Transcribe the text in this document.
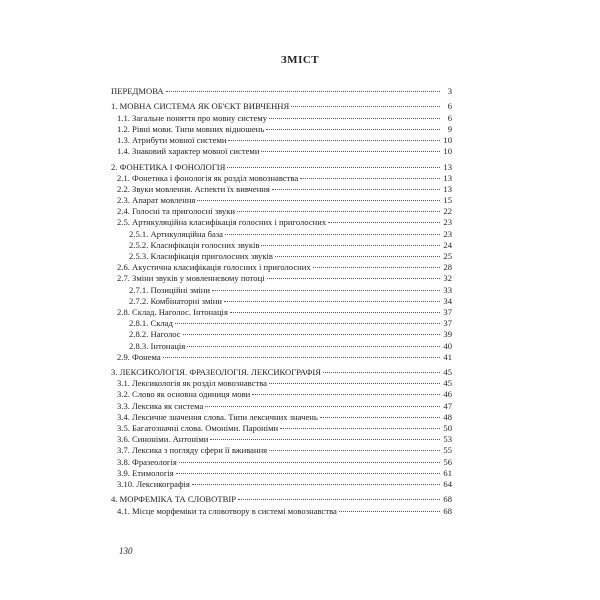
ЗМІСТ
ПЕРЕДМОВА	3
1. МОВНА СИСТЕМА ЯК ОБ'ЄКТ ВИВЧЕННЯ	6
1.1. Загальне поняття про мовну систему	6
1.2. Рівні мови. Типи мовних відношень	9
1.3. Атрибути мовної системи	10
1.4. Знаковий характер мовної системи	10
2. ФОНЕТИКА І ФОНОЛОГІЯ	13
2.1. Фонетика і фонологія як розділ мовознавства	13
2.2. Звуки мовлення. Аспекти їх вивчення	13
2.3. Апарат мовлення	15
2.4. Голосні та приголосні звуки	22
2.5. Артикуляційна класифікація голосних і приголосних	23
2.5.1. Артикуляційна база	23
2.5.2. Класифікація голосних звуків	24
2.5.3. Класифікація приголосних звуків	25
2.6. Акустична класифікація голосних і приголосних	28
2.7. Зміни звуків у мовленнєвому потоці	32
2.7.1. Позиційні зміни	33
2.7.2. Комбінаторні зміни	34
2.8. Склад. Наголос. Інтонація	37
2.8.1. Склад	37
2.8.2. Наголос	39
2.8.3. Інтонація	40
2.9. Фонема	41
3. ЛЕКСИКОЛОГІЯ. ФРАЗЕОЛОГІЯ. ЛЕКСИКОГРАФІЯ	45
3.1. Лексикологія як розділ мовознавства	45
3.2. Слово як основна одиниця мови	46
3.3. Лексика як система	47
3.4. Лексичне значення слова. Типи лексичних значень	48
3.5. Багатозначні слова. Омоніми. Пароніми	50
3.6. Синоніми. Антоніми	53
3.7. Лексика з погляду сфери її вживання	55
3.8. Фразеологія	56
3.9. Етимологія	61
3.10. Лексикографія	64
4. МОРФЕМІКА ТА СЛОВОТВІР	68
4.1. Місце морфеміки та словотвору в системі мовознавства	68
130
